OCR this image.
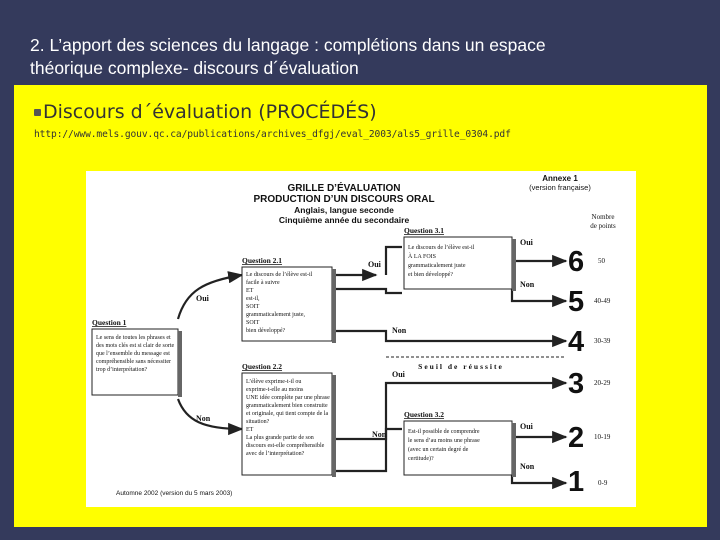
2. L’apport des sciences du langage : complétions dans un espace
théorique complexe- discours d´évaluation
Discours d´évaluation (PROCÉDÉS)
http://www.mels.gouv.qc.ca/publications/archives_dfgj/eval_2003/als5_grille_0304.pdf
GRILLE D’ÉVALUATION
PRODUCTION D’UN DISCOURS ORAL
Anglais, langue seconde
Cinquième année du secondaire
Annexe 1
(version française)
Nombre
de points
Seuil de réussite
Question 1
Le sens de toutes les phrases et
des mots clés est si clair de sorte
que l’ensemble du message est
compréhensible sans nécessiter
trop d’interprétation?
Oui
Non
Question 2.1
Le discours de l’élève est-il
facile à suivre
ET
est-il,
SOIT
grammaticalement juste,
SOIT
bien développé?
Oui
Non
Question 3.1
Le discours de l’élève est-il
À LA FOIS
grammaticalement juste
et bien développé?
Oui
Non
Question 2.2
L’élève exprime-t-il ou
exprime-t-elle au moins
UNE idée complète par une phrase
grammaticalement bien construite
et originale, qui tient compte de la
situation?
ET
La plus grande partie de son
discours est-elle compréhensible
avec de l’interprétation?
Oui
Non
Question 3.2
Est-il possible de comprendre
le sens d’au moins une phrase
(avec un certain degré de
certitude)?
Oui
Non
6
5
4
3
2
1
50
40-49
30-39
20-29
10-19
0-9
Automne 2002 (version du 5 mars 2003)
